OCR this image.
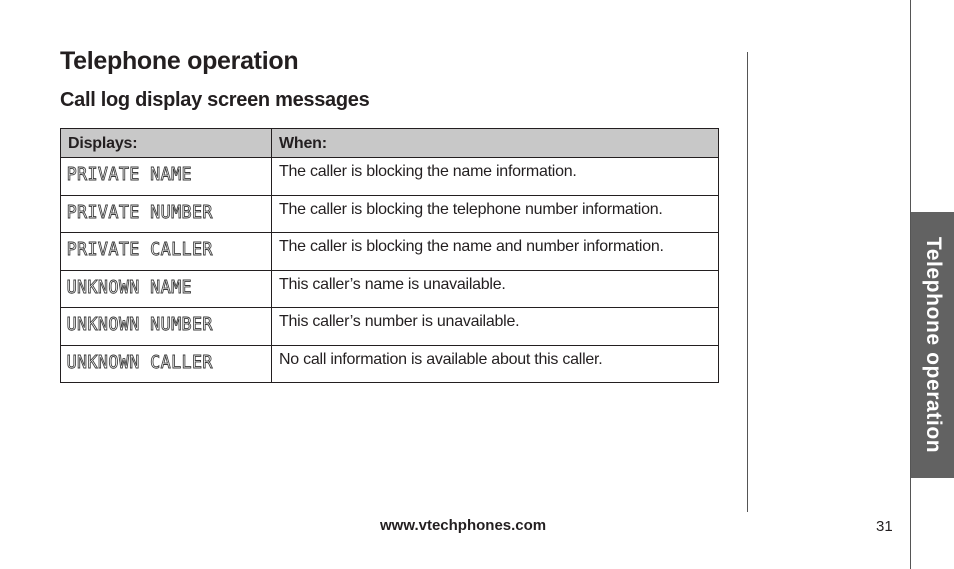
Telephone operation
Call log display screen messages
Displays:	When:

PRIVATE NAME	The caller is blocking the name information.

PRIVATE NUMBER	The caller is blocking the telephone number information.

PRIVATE CALLER	The caller is blocking the name and number information.

UNKNOWN NAME	This caller’s name is unavailable.

UNKNOWN NUMBER	This caller’s number is unavailable.

UNKNOWN CALLER	No call information is available about this caller.	Telephone operation
www.vtechphones.com	31
